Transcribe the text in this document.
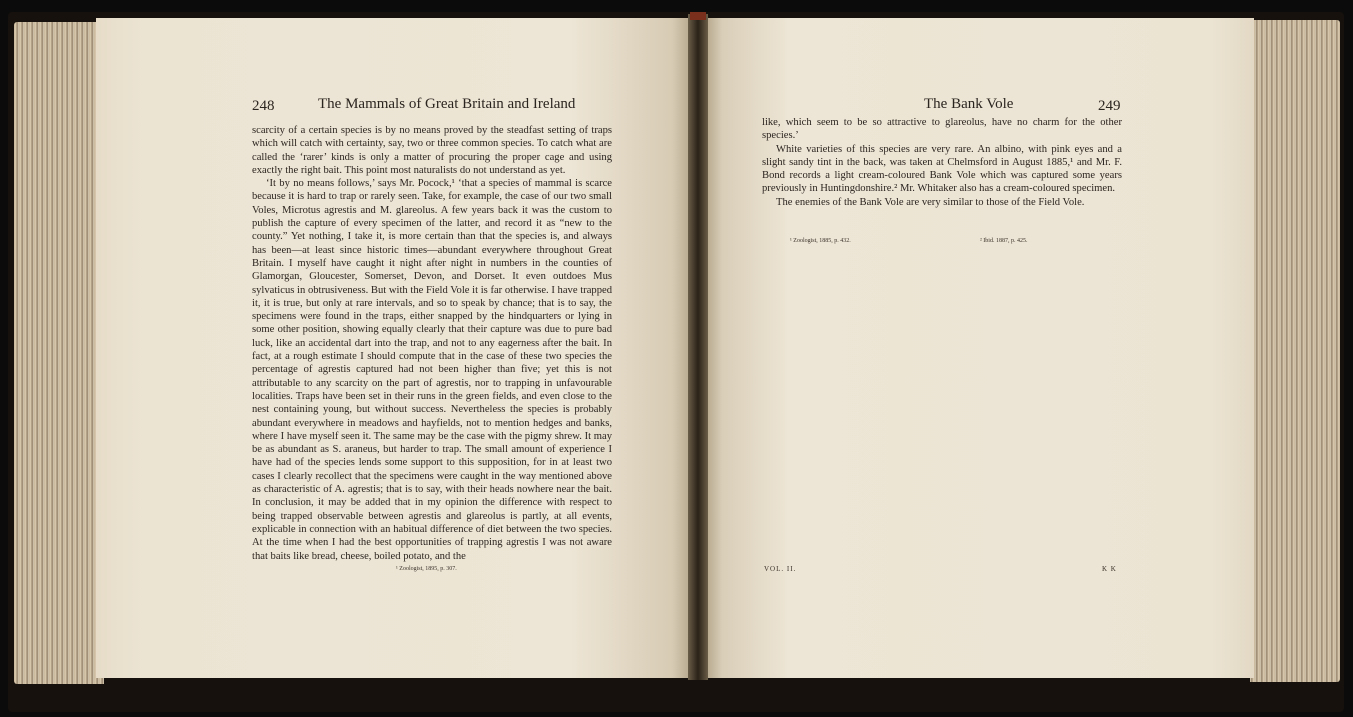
248	The Mammals of Great Britain and Ireland

scarcity of a certain species is by no means proved by the steadfast setting of traps which will catch with certainty, say, two or three common species. To catch what are called the ‘rarer’ kinds is only a matter of procuring the proper cage and using exactly the right bait. This point most naturalists do not understand as yet.

‘It by no means follows,’ says Mr. Pocock,¹ ‘that a species of mammal is scarce because it is hard to trap or rarely seen. Take, for example, the case of our two small Voles, Microtus agrestis and M. glareolus. A few years back it was the custom to publish the capture of every specimen of the latter, and record it as “new to the county.” Yet nothing, I take it, is more certain than that the species is, and always has been—at least since historic times—abundant everywhere throughout Great Britain. I myself have caught it night after night in numbers in the counties of Glamorgan, Gloucester, Somerset, Devon, and Dorset. It even outdoes Mus sylvaticus in obtrusiveness. But with the Field Vole it is far otherwise. I have trapped it, it is true, but only at rare intervals, and so to speak by chance; that is to say, the specimens were found in the traps, either snapped by the hindquarters or lying in some other position, showing equally clearly that their capture was due to pure bad luck, like an accidental dart into the trap, and not to any eagerness after the bait. In fact, at a rough estimate I should compute that in the case of these two species the percentage of agrestis captured had not been higher than five; yet this is not attributable to any scarcity on the part of agrestis, nor to trapping in unfavourable localities. Traps have been set in their runs in the green fields, and even close to the nest containing young, but without success. Nevertheless the species is probably abundant everywhere in meadows and hayfields, not to mention hedges and banks, where I have myself seen it. The same may be the case with the pigmy shrew. It may be as abundant as S. araneus, but harder to trap. The small amount of experience I have had of the species lends some support to this supposition, for in at least two cases I clearly recollect that the specimens were caught in the way mentioned above as characteristic of A. agrestis; that is to say, with their heads nowhere near the bait. In conclusion, it may be added that in my opinion the difference with respect to being trapped observable between agrestis and glareolus is partly, at all events, explicable in connection with an habitual difference of diet between the two species. At the time when I had the best opportunities of trapping agrestis I was not aware that baits like bread, cheese, boiled potato, and the

¹ Zoologist, 1895, p. 307.
The Bank Vole	249

like, which seem to be so attractive to glareolus, have no charm for the other species.’

White varieties of this species are very rare. An albino, with pink eyes and a slight sandy tint in the back, was taken at Chelmsford in August 1885,¹ and Mr. F. Bond records a light cream-coloured Bank Vole which was captured some years previously in Huntingdonshire.² Mr. Whitaker also has a cream-coloured specimen.

The enemies of the Bank Vole are very similar to those of the Field Vole.

¹ Zoologist, 1885, p. 432.	² Ibid. 1887, p. 425.
VOL. II.	K K
